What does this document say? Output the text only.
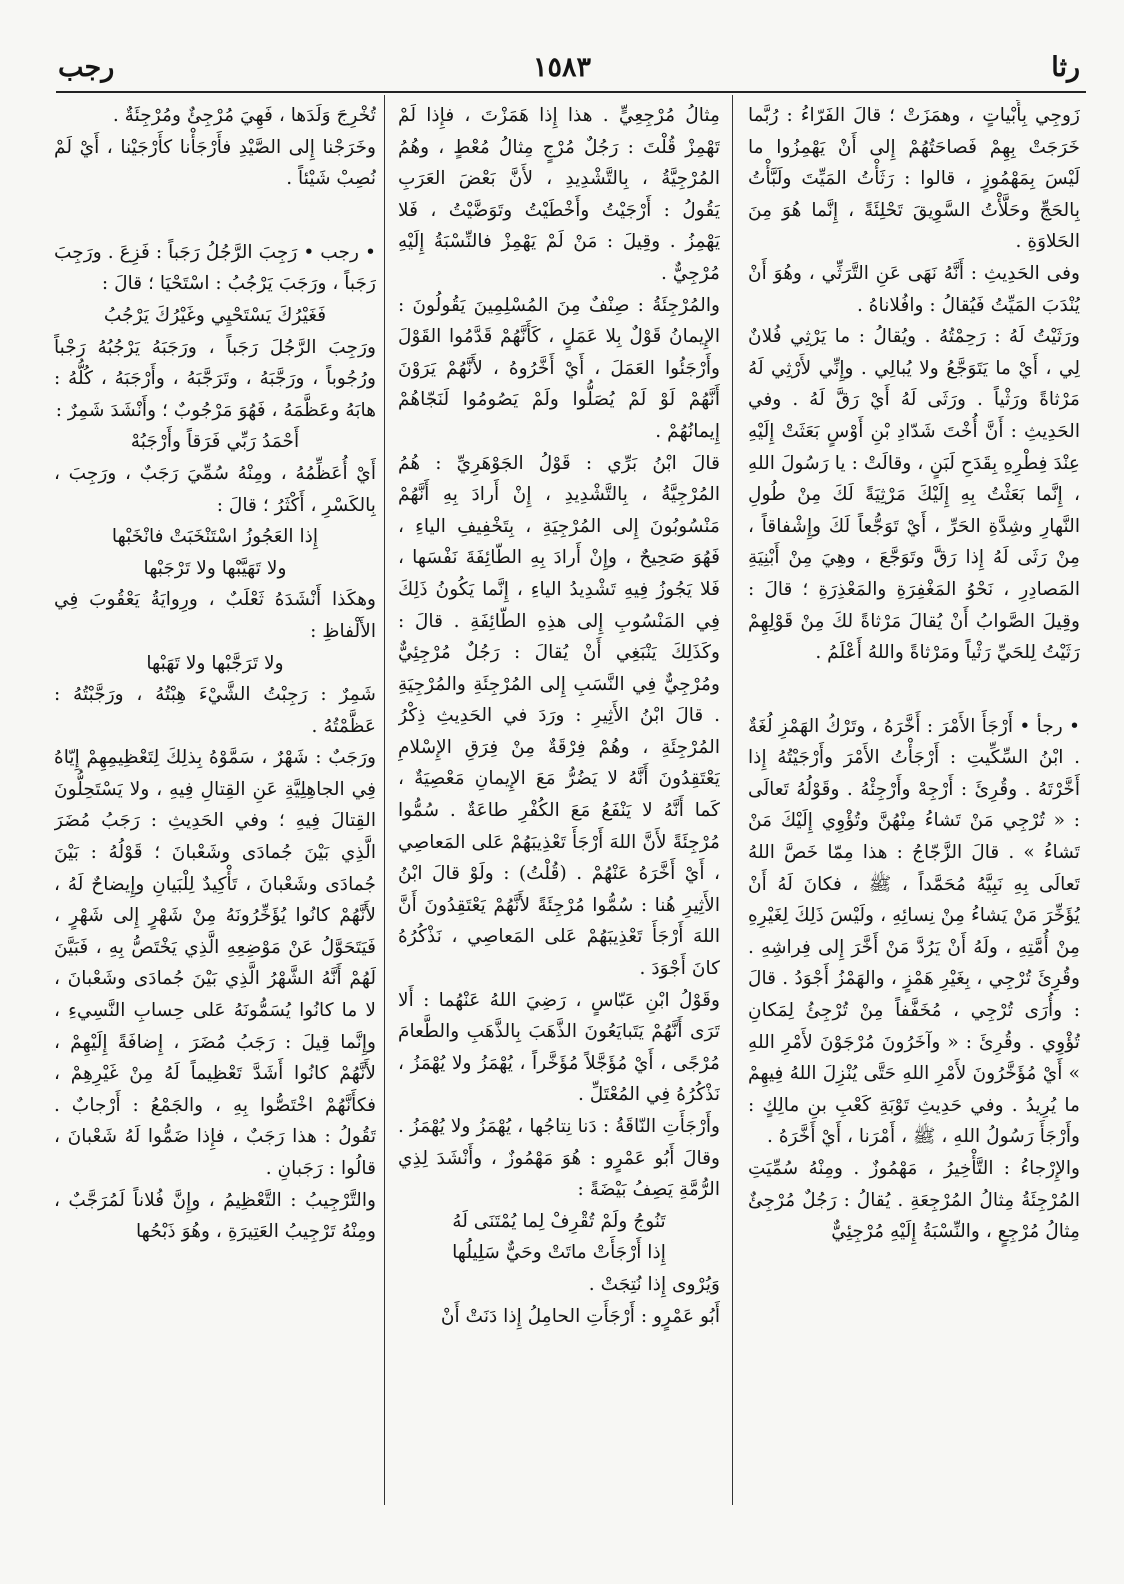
رثا
١٥٨٣
رجب

زَوجِي بِأَبْياتٍ ، وهمَزَتْ ؛ قالَ الفَرّاءُ : رُبَّما خَرَجَتْ بِهِمْ فَصاحَتُهُمْ إِلى أَنْ يَهْمِزُوا ما لَيْسَ بِمَهْمُوزٍ ، قالوا : رَثَأْتُ المَيِّتَ ولَبَّأْتُ بِالحَجِّ وحَلَّأْتُ السَّوِيقَ تَحْلِئَةً ، إِنَّما هُوَ مِنَ الحَلاوَةِ .

وفى الحَدِيثِ : أَنَّهُ نَهَى عَنِ التَّرَثِّي ، وهُوَ أَنْ يُنْدَبَ المَيِّتُ فَيُقالُ : وافُلاناهُ .

ورَثَيْتُ لَهُ : رَحِمْتُهُ . ويُقالُ : ما يَرْثِي فُلانٌ لِي ، أَيْ ما يَتَوَجَّعُ ولا يُبالِي . وإِنِّي لأَرْثِي لَهُ مَرْثاةً ورَثْياً . ورَثَى لَهُ أَيْ رَقَّ لَهُ . وفي الحَدِيثِ : أَنَّ أُخْتَ شَدّادِ بْنِ أَوْسٍ بَعَثَتْ إِلَيْهِ عِنْدَ فِطْرِهِ بِقَدَحِ لَبَنٍ ، وقالَتْ : يا رَسُولَ اللهِ ، إِنَّما بَعَثْتُ بِهِ إِلَيْكَ مَرْثِيَةً لَكَ مِنْ طُولِ النَّهارِ وشِدَّةِ الحَرِّ ، أَيْ تَوَجُّعاً لَكَ وإِشْفاقاً ، مِنْ رَثَى لَهُ إِذا رَقَّ وتَوَجَّعَ ، وهِيَ مِنْ أَبْنِيَةِ المَصادِرِ ، نَحْوُ المَغْفِرَةِ والمَعْذِرَةِ ؛ قالَ : وقِيلَ الصَّوابُ أَنْ يُقالَ مَرْثاةً لكَ مِنْ قَوْلِهِمْ رَثَيْتُ لِلحَيِّ رَثْياً ومَرْثاةً واللهُ أَعْلَمُ .

• رجأ • أَرْجَأَ الأَمْرَ : أَخَّرَهُ ، وتَرْكُ الهَمْزِ لُغَةٌ . ابْنُ السِّكِّيتِ : أَرْجَأْتُ الأَمْرَ وأَرْجَيْتُهُ إِذا أَخَّرْتَهُ . وقُرِئَ : أَرْجِهْ وأَرْجِئْهُ . وقَوْلُهُ تَعالَى : « تُرْجِي مَنْ تَشاءُ مِنْهُنَّ وتُؤْوِي إِلَيْكَ مَنْ تَشاءُ » . قالَ الزَّجّاجُ : هذا مِمّا خَصَّ اللهُ تَعالَى بِهِ نَبِيَّهُ مُحَمَّداً ، ﷺ ، فكانَ لَهُ أَنْ يُؤَخِّرَ مَنْ يَشاءُ مِنْ نِسائِهِ ، ولَيْسَ ذَلِكَ لِغَيْرِهِ مِنْ أُمَّتِهِ ، ولَهُ أَنْ يَرُدَّ مَنْ أَخَّرَ إِلى فِراشِهِ . وقُرِئَ تُرْجِي ، بِغَيْرِ هَمْزٍ ، والهَمْزُ أَجْوَدُ . قالَ : وأُرَى تُرْجِي ، مُخَفَّفاً مِنْ تُرْجِئُ لِمَكانِ تُؤْوِي . وقُرِئَ : « وآخَرُونَ مُرْجَوْنَ لأَمْرِ اللهِ » أَيْ مُؤَخَّرُونَ لأَمْرِ اللهِ حَتَّى يُنْزِلَ اللهُ فِيهِمْ ما يُرِيدُ . وفي حَدِيثِ تَوْبَةِ كَعْبِ بنِ مالِكٍ : وأَرْجَأَ رَسُولُ اللهِ ، ﷺ ، أَمْرَنا ، أَيْ أَخَّرَهُ .

والإِرْجاءُ : التَّأْخِيرُ ، مَهْمُوزٌ . ومِنْهُ سُمِّيَتِ المُرْجِئَةُ مِثالُ المُرْجِعَةِ . يُقالُ : رَجُلٌ مُرْجِئٌ مِثالُ مُرْجِعٍ ، والنِّسْبَةُ إِلَيْهِ مُرْجِئِيٌّ

مِثالُ مُرْجِعِيٍّ . هذا إِذا هَمَزْتَ ، فإِذا لَمْ تَهْمِزْ قُلْتَ : رَجُلٌ مُرْجٍ مِثالُ مُعْطٍ ، وهُمُ المُرْجِيَّةُ ، بِالتَّشْدِيدِ ، لأَنَّ بَعْضَ العَرَبِ يَقُولُ : أَرْجَيْتُ وأَخْطَيْتُ وتَوَضَّيْتُ ، فَلا يَهْمِزُ . وقِيلَ : مَنْ لَمْ يَهْمِزْ فالنِّسْبَةُ إِلَيْهِ مُرْجِيٌّ .

والمُرْجِئَةُ : صِنْفٌ مِنَ المُسْلِمِينَ يَقُولُونَ : الإِيمانُ قَوْلٌ بِلا عَمَلٍ ، كَأَنَّهُمْ قَدَّمُوا القَوْلَ وأَرْجَئُوا العَمَلَ ، أَيْ أَخَّرُوهُ ، لأَنَّهُمْ يَرَوْنَ أَنَّهُمْ لَوْ لَمْ يُصَلُّوا ولَمْ يَصُومُوا لَنَجّاهُمْ إِيمانُهُمْ .

قالَ ابْنُ بَرِّي : قَوْلُ الجَوْهَرِيِّ : هُمُ المُرْجِيَّةُ ، بِالتَّشْدِيدِ ، إِنْ أَرادَ بِهِ أَنَّهُمْ مَنْسُوبُونَ إِلى المُرْجِيَةِ ، بِتَخْفِيفِ الياءِ ، فَهُوَ صَحِيحٌ ، وإِنْ أَرادَ بِهِ الطّائِفَةَ نَفْسَها ، فَلا يَجُوزُ فِيهِ تَشْدِيدُ الياءِ ، إِنَّما يَكُونُ ذَلِكَ فِي المَنْسُوبِ إِلى هذِهِ الطّائِفَةِ . قالَ : وكَذَلِكَ يَنْبَغِي أَنْ يُقالَ : رَجُلٌ مُرْجِئِيٌّ ومُرْجِيٌّ فِي النَّسَبِ إِلى المُرْجِئَةِ والمُرْجِيَةِ . قالَ ابْنُ الأَثِيرِ : ورَدَ في الحَدِيثِ ذِكْرُ المُرْجِئَةِ ، وهُمْ فِرْقَةٌ مِنْ فِرَقِ الإِسْلامِ يَعْتَقِدُونَ أَنَّهُ لا يَضُرُّ مَعَ الإِيمانِ مَعْصِيَةٌ ، كَما أَنَّهُ لا يَنْفَعُ مَعَ الكُفْرِ طاعَةٌ . سُمُّوا مُرْجِئَةً لأَنَّ اللهَ أَرْجَأَ تَعْذِيبَهُمْ عَلى المَعاصِي ، أَيْ أَخَّرَهُ عَنْهُمْ . (قُلْتُ) : ولَوْ قالَ ابْنُ الأَثِيرِ هُنا : سُمُّوا مُرْجِئَةً لأَنَّهُمْ يَعْتَقِدُونَ أَنَّ اللهَ أَرْجَأَ تَعْذِيبَهُمْ عَلى المَعاصِي ، نَذْكُرُهُ كانَ أَجْوَدَ .

وقَوْلُ ابْنِ عَبّاسٍ ، رَضِيَ اللهُ عَنْهُما : أَلا تَرَى أَنَّهُمْ يَتَبايَعُونَ الذَّهَبَ بِالذَّهَبِ والطَّعامَ مُرْجًى ، أَيْ مُؤَجَّلاً مُؤَخَّراً ، يُهْمَزُ ولا يُهْمَزُ ، نَذْكُرُهُ فِي المُعْتَلِّ .

وأَرْجَأَتِ النّاقَةُ : دَنا نِتاجُها ، يُهْمَزُ ولا يُهْمَزُ . وقالَ أَبُو عَمْرٍو : هُوَ مَهْمُوزٌ ، وأَنْشَدَ لِذِي الرُّمَّةِ يَصِفُ بَيْضَةً :

تَنُوجُ ولَمْ تُقْرِفْ لِما يُمْتَنَى لَهُ

إِذا أَرْجَأَتْ ماتَتْ وحَيٌّ سَلِيلُها

وَيُرْوى إِذا نُتِجَتْ .

أَبُو عَمْرٍو : أَرْجَأَتِ الحامِلُ إِذا دَنَتْ أَنْ

تُخْرِجَ وَلَدَها ، فَهِيَ مُرْجِئٌ ومُرْجِئَةٌ .

وخَرَجْنا إِلى الصَّيْدِ فأَرْجَأْنا كأَرْجَيْنا ، أَيْ لَمْ نُصِبْ شَيْئاً .

• رجب • رَجِبَ الرَّجُلُ رَجَباً : فَزِعَ . ورَجِبَ رَجَباً ، ورَجَبَ يَرْجُبُ : اسْتَحْيَا ؛ قالَ :

فَغَيْرُكَ يَسْتَحْيِي وغَيْرُكَ يَرْجُبُ

ورَجِبَ الرَّجُلَ رَجَباً ، ورَجَبَهُ يَرْجُبُهُ رَجْباً ورُجُوباً ، ورَجَّبَهُ ، وتَرَجَّبَهُ ، وأَرْجَبَهُ ، كُلُّهُ : هابَهُ وعَظَّمَهُ ، فَهُوَ مَرْجُوبٌ ؛ وأَنْشَدَ شَمِرٌ :

أَحْمَدُ رَبِّي فَرَقاً وأَرْجَبُهْ

أَيْ أُعَظِّمُهُ ، ومِنْهُ سُمِّيَ رَجَبٌ ، ورَجِبَ ، بِالكَسْرِ ، أَكْثَرُ ؛ قالَ :

إِذا العَجُوزُ اسْتَنْخَبَتْ فانْخَبْها

ولا تَهَيَّبْها ولا تَرْجَبْها

وهكَذا أَنْشَدَهُ ثَعْلَبٌ ، ورِوايَةُ يَعْقُوبَ فِي الأَلْفاظِ :

ولا تَرَجَّبْها ولا تَهَبْها

شَمِرٌ : رَجِبْتُ الشَّيْءَ هِبْتُهُ ، ورَجَّبْتُهُ : عَظَّمْتُهُ .

ورَجَبٌ : شَهْرٌ ، سَمَّوْهُ بِذلِكَ لِتَعْظِيمِهِمْ إِيّاهُ فِي الجاهِلِيَّةِ عَنِ القِتالِ فِيهِ ، ولا يَسْتَحِلُّونَ القِتالَ فِيهِ ؛ وفي الحَدِيثِ : رَجَبُ مُضَرَ الَّذِي بَيْنَ جُمادَى وشَعْبانَ ؛ قَوْلُهُ : بَيْنَ جُمادَى وشَعْبانَ ، تَأْكِيدٌ لِلْبَيانِ وإِيضاحٌ لَهُ ، لأَنَّهُمْ كانُوا يُؤَخِّرُونَهُ مِنْ شَهْرٍ إِلى شَهْرٍ ، فَيَتَحَوَّلُ عَنْ مَوْضِعِهِ الَّذِي يَخْتَصُّ بِهِ ، فَبَيَّنَ لَهُمْ أَنَّهُ الشَّهْرُ الَّذِي بَيْنَ جُمادَى وشَعْبانَ ، لا ما كانُوا يُسَمُّونَهُ عَلى حِسابِ النَّسِيءِ ، وإِنَّما قِيلَ : رَجَبُ مُضَرَ ، إِضافَةً إِلَيْهِمْ ، لأَنَّهُمْ كانُوا أَشَدَّ تَعْظِيماً لَهُ مِنْ غَيْرِهِمْ ، فكأَنَّهُمْ اخْتَصُّوا بِهِ ، والجَمْعُ : أَرْجابٌ . تَقُولُ : هذا رَجَبٌ ، فإِذا ضَمُّوا لَهُ شَعْبانَ ، قالُوا : رَجَبانِ .

والتَّرْجِيبُ : التَّعْظِيمُ ، وإِنَّ فُلاناً لَمُرَجَّبٌ ، ومِنْهُ تَرْجِيبُ العَتِيرَةِ ، وهُوَ ذَبْحُها
